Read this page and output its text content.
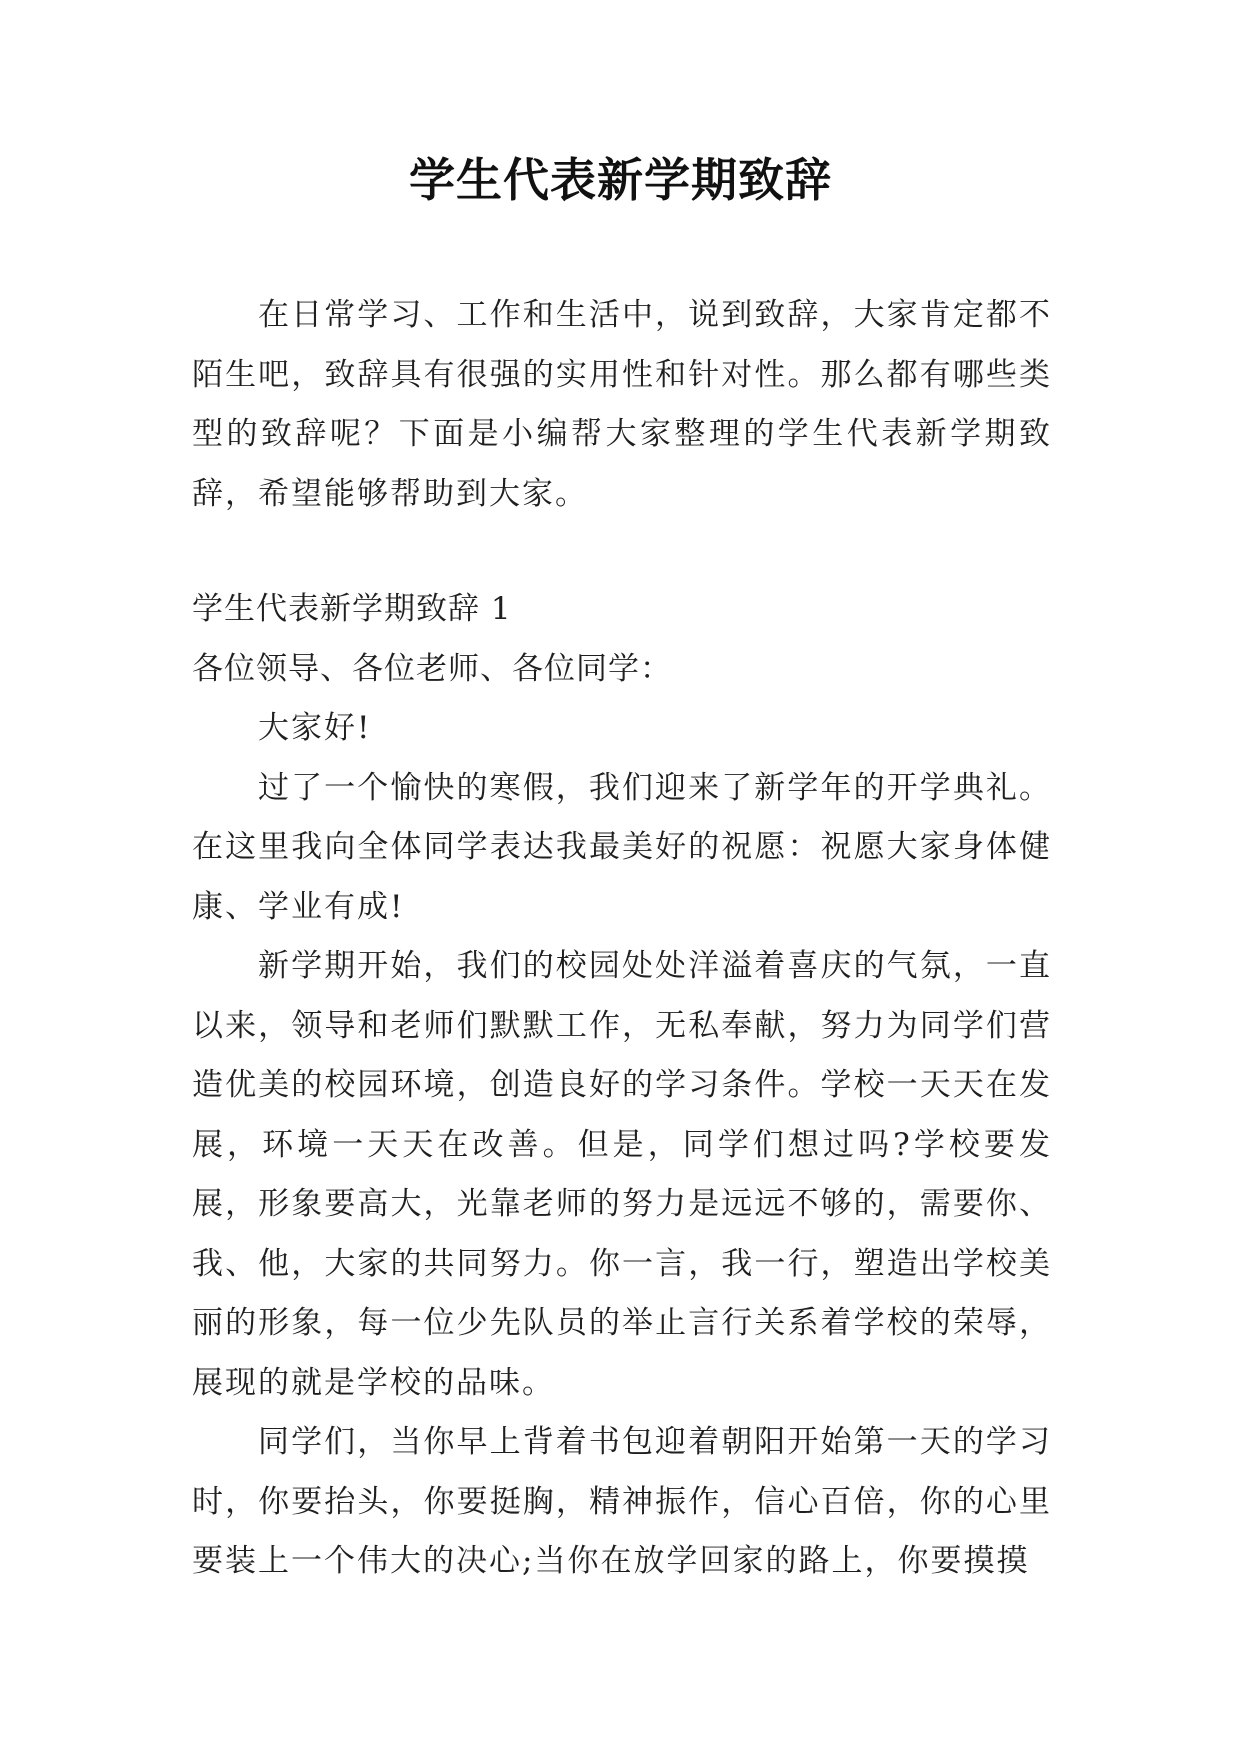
学生代表新学期致辞

在日常学习、工作和生活中，说到致辞，大家肯定都不陌生吧，致辞具有很强的实用性和针对性。那么都有哪些类型的致辞呢？下面是小编帮大家整理的学生代表新学期致辞，希望能够帮助到大家。

学生代表新学期致辞 1

各位领导、各位老师、各位同学：

大家好!

过了一个愉快的寒假，我们迎来了新学年的开学典礼。在这里我向全体同学表达我最美好的祝愿：祝愿大家身体健康、学业有成!

新学期开始，我们的校园处处洋溢着喜庆的气氛，一直以来，领导和老师们默默工作，无私奉献，努力为同学们营造优美的校园环境，创造良好的学习条件。学校一天天在发展，环境一天天在改善。但是，同学们想过吗?学校要发展，形象要高大，光靠老师的努力是远远不够的，需要你、我、他，大家的共同努力。你一言，我一行，塑造出学校美丽的形象，每一位少先队员的举止言行关系着学校的荣辱，展现的就是学校的品味。

同学们，当你早上背着书包迎着朝阳开始第一天的学习时，你要抬头，你要挺胸，精神振作，信心百倍，你的心里要装上一个伟大的决心;当你在放学回家的路上，你要摸摸
